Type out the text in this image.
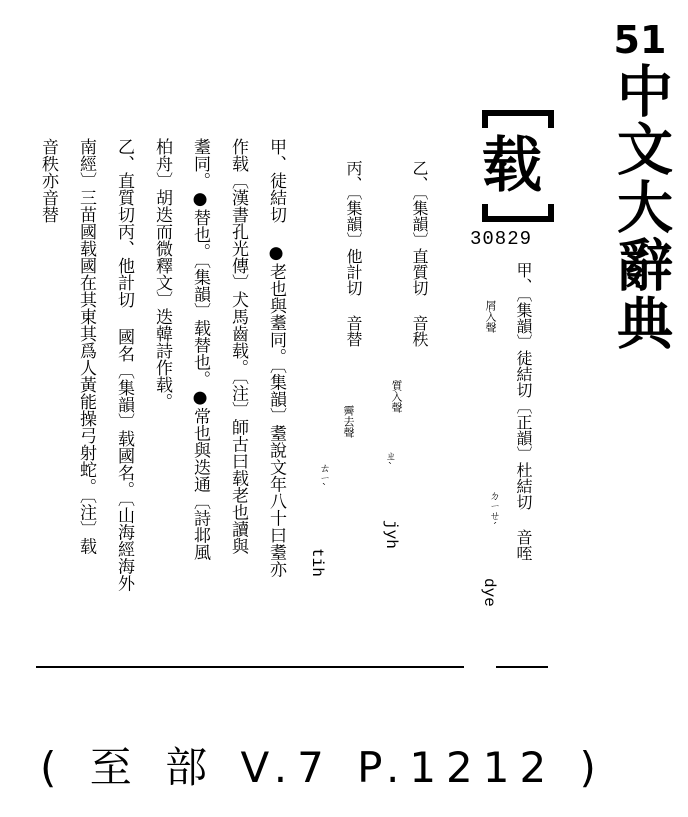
51
中文大辭典
载
30829
甲、〔集韻〕徒結切〔正韻〕杜結切 音咥
屑入聲
ㄉㄧㄝˊ
dye
乙、〔集韻〕直質切 音秩
質入聲
ㄓˋ
jyh
丙、〔集韻〕他計切 音替
霽去聲
ㄊㄧˋ
tih
甲、徒結切 ●老也與耋同。〔集韻〕耋說文年八十曰耋亦
作载〔漢書孔光傳〕犬馬齒载。〔注〕師古曰载老也讀與
耋同。●替也。〔集韻〕载替也。●常也與迭通〔詩邶風
柏舟〕胡迭而微釋文〕迭韓詩作载。
乙、直質切丙、他計切 國名〔集韻〕载國名。〔山海經海外
南經〕三苗國载國在其東其爲人黃能操弓射蛇。〔注〕载
音秩亦音替
( 至 部 V.7 P.1212 )
